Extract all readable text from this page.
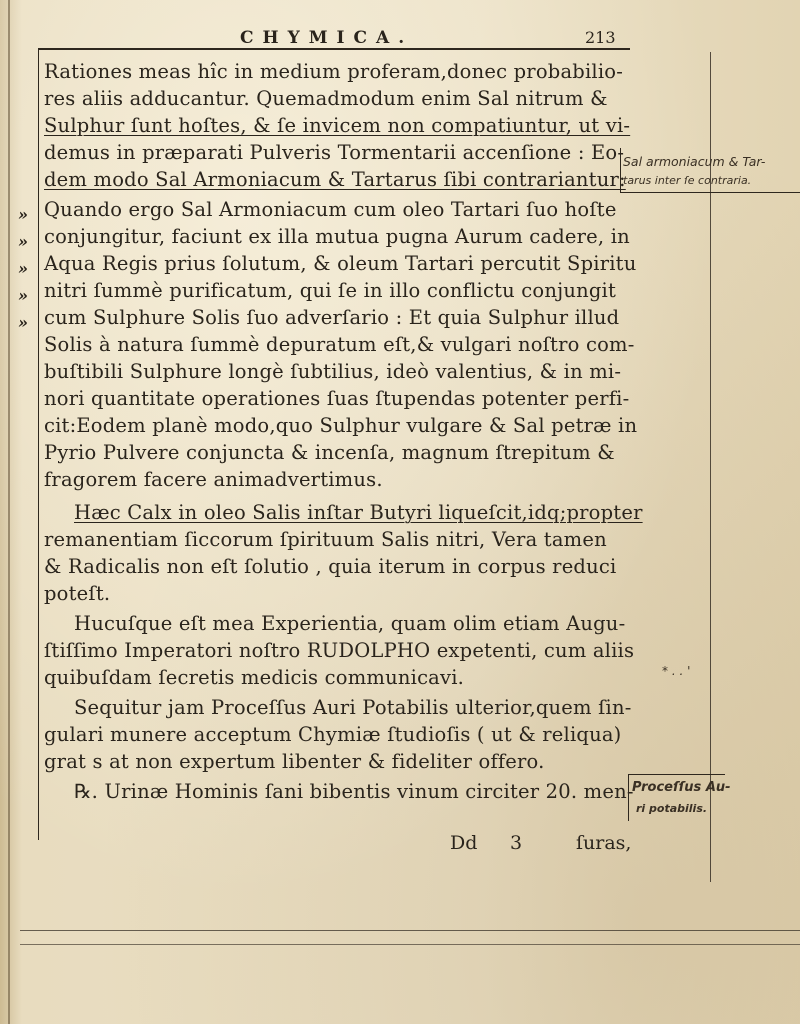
CHYMICA.	213
Rationes meas hîc in medium proferam,donec probabilio-
res aliis adducantur. Quemadmodum enim Sal nitrum &
Sulphur ſunt hoſtes, & ſe invicem non compatiuntur, ut vi-
demus in præparati Pulveris Tormentarii accenſione : Eo-
dem modo Sal Armoniacum & Tartarus ſibi contrariantur:
Quando ergo Sal Armoniacum cum oleo Tartari ſuo hoſte
conjungitur, faciunt ex illa mutua pugna Aurum cadere, in
Aqua Regis prius ſolutum, & oleum Tartari percutit Spiritu
nitri ſummè purificatum, qui ſe in illo conflictu conjungit
cum Sulphure Solis ſuo adverſario : Et quia Sulphur illud
Solis à natura ſummè depuratum eſt,& vulgari noſtro com-
buſtibili Sulphure longè ſubtilius, ideò valentius, & in mi-
nori quantitate operationes ſuas ſtupendas potenter perfi-
cit:Eodem planè modo,quo Sulphur vulgare & Sal petræ in
Pyrio Pulvere conjuncta & incenſa, magnum ſtrepitum &
fragorem facere animadvertimus.
Hæc Calx in oleo Salis inſtar Butyri liqueſcit,idq;propter
remanentiam ſiccorum ſpirituum Salis nitri, Vera tamen
& Radicalis non eſt ſolutio , quia iterum in corpus reduci
poteſt.
Hucuſque eſt mea Experientia, quam olim etiam Augu-
ſtiſſimo Imperatori noſtro RUDOLPHO expetenti, cum aliis
quibuſdam ſecretis medicis communicavi.
Sequitur jam Proceſſus Auri Potabilis ulterior,quem ſin-
gulari munere acceptum Chymiæ ſtudioſis ( ut & reliqua)
grat s at non expertum libenter & fideliter offero.
℞. Urinæ Hominis ſani bibentis vinum circiter 20. men-
»
»
»
»
»
Sal armoniacum & Tar-
tarus inter ſe contraria.
* . . '
Proceſſus Au-
ri potabilis.
Dd 3	ſuras,
